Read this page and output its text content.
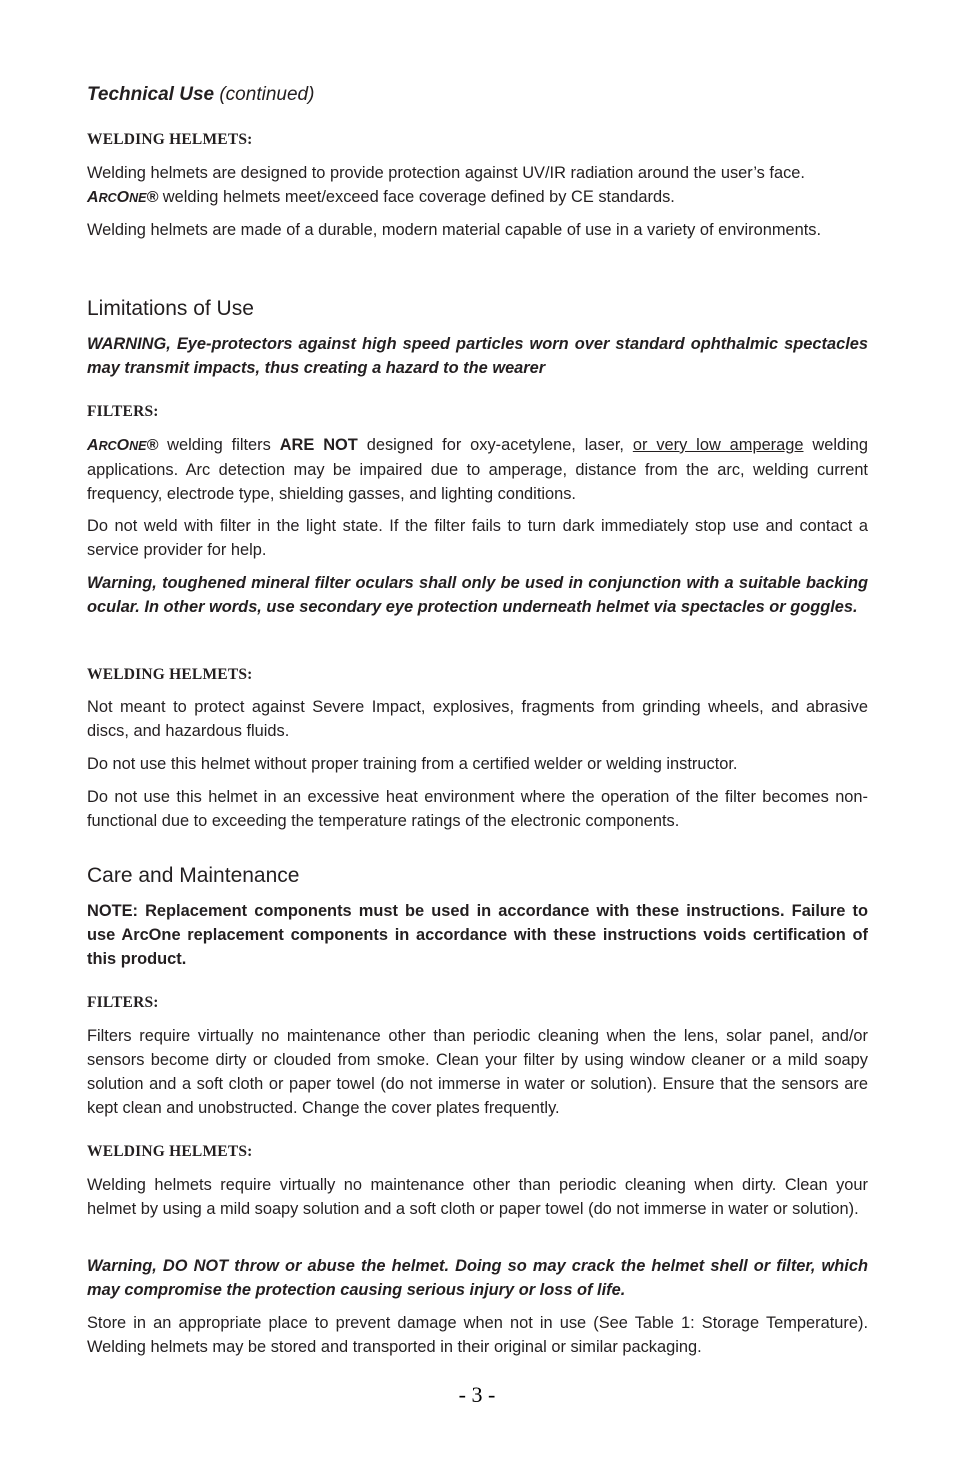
Technical Use (continued)
WELDING HELMETS:

Welding helmets are designed to provide protection against UV/IR radiation around the user’s face.

ARCONE® welding helmets meet/exceed face coverage defined by CE standards.

Welding helmets are made of a durable, modern material capable of use in a variety of environments.

Limitations of Use

WARNING, Eye-protectors against high speed particles worn over standard ophthalmic spectacles may transmit impacts, thus creating a hazard to the wearer

FILTERS:

ARCONE® welding filters ARE NOT designed for oxy-acetylene, laser, or very low amperage welding applications. Arc detection may be impaired due to amperage, distance from the arc, welding current frequency, electrode type, shielding gasses, and lighting conditions.

Do not weld with filter in the light state. If the filter fails to turn dark immediately stop use and contact a service provider for help.

Warning, toughened mineral filter oculars shall only be used in conjunction with a suitable backing ocular. In other words, use secondary eye protection underneath helmet via spectacles or goggles.

WELDING HELMETS:

Not meant to protect against Severe Impact, explosives, fragments from grinding wheels, and abrasive discs, and hazardous fluids.

Do not use this helmet without proper training from a certified welder or welding instructor.

Do not use this helmet in an excessive heat environment where the operation of the filter becomes non-functional due to exceeding the temperature ratings of the electronic components.

Care and Maintenance

NOTE: Replacement components must be used in accordance with these instructions. Failure to use ArcOne replacement components in accordance with these instructions voids certification of this product.

FILTERS:

Filters require virtually no maintenance other than periodic cleaning when the lens, solar panel, and/or sensors become dirty or clouded from smoke. Clean your filter by using window cleaner or a mild soapy solution and a soft cloth or paper towel (do not immerse in water or solution). Ensure that the sensors are kept clean and unobstructed. Change the cover plates frequently.

WELDING HELMETS:

Welding helmets require virtually no maintenance other than periodic cleaning when dirty. Clean your helmet by using a mild soapy solution and a soft cloth or paper towel (do not immerse in water or solution).

Warning, DO NOT throw or abuse the helmet. Doing so may crack the helmet shell or filter, which may compromise the protection causing serious injury or loss of life.

Store in an appropriate place to prevent damage when not in use (See Table 1: Storage Temperature). Welding helmets may be stored and transported in their original or similar packaging.

- 3 -
